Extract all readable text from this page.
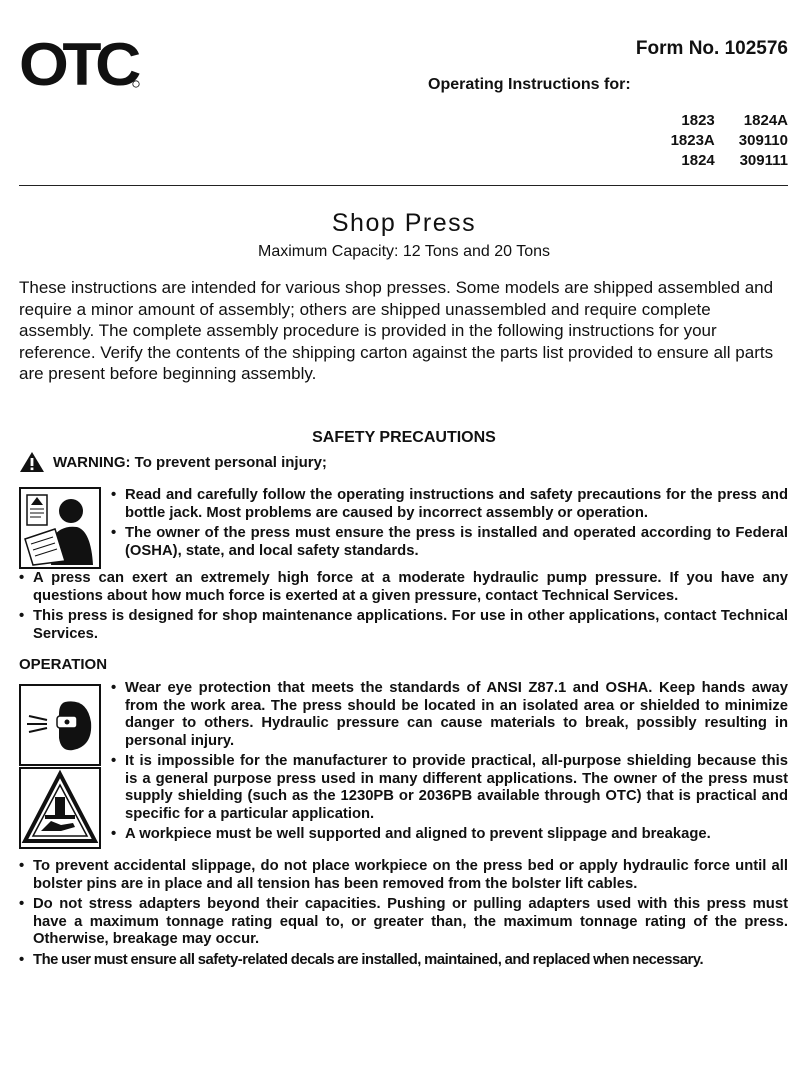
OTC	Form No. 102576
Operating Instructions for:
1823	1824A
1823A	309110
1824	309111
Shop Press
Maximum Capacity: 12 Tons and 20 Tons
These instructions are intended for various shop presses. Some models are shipped assembled and require a minor amount of assembly; others are shipped unassembled and require complete assembly. The complete assembly procedure is provided in the following instructions for your reference. Verify the contents of the shipping carton against the parts list provided to ensure all parts are present before beginning assembly.
SAFETY PRECAUTIONS
WARNING: To prevent personal injury;
• Read and carefully follow the operating instructions and safety precautions for the press and bottle jack. Most problems are caused by incorrect assembly or operation.
• The owner of the press must ensure the press is installed and operated according to Federal (OSHA), state, and local safety standards.
• A press can exert an extremely high force at a moderate hydraulic pump pressure. If you have any questions about how much force is exerted at a given pressure, contact Technical Services.
• This press is designed for shop maintenance applications. For use in other applications, contact Technical Services.
OPERATION
• Wear eye protection that meets the standards of ANSI Z87.1 and OSHA. Keep hands away from the work area. The press should be located in an isolated area or shielded to minimize danger to others. Hydraulic pressure can cause materials to break, possibly resulting in personal injury.
• It is impossible for the manufacturer to provide practical, all-purpose shielding because this is a general purpose press used in many different applications. The owner of the press must supply shielding (such as the 1230PB or 2036PB available through OTC) that is practical and specific for a particular application.
• A workpiece must be well supported and aligned to prevent slippage and breakage.
• To prevent accidental slippage, do not place workpiece on the press bed or apply hydraulic force until all bolster pins are in place and all tension has been removed from the bolster lift cables.
• Do not stress adapters beyond their capacities. Pushing or pulling adapters used with this press must have a maximum tonnage rating equal to, or greater than, the maximum tonnage rating of the press. Otherwise, breakage may occur.
• The user must ensure all safety-related decals are installed, maintained, and replaced when necessary.
